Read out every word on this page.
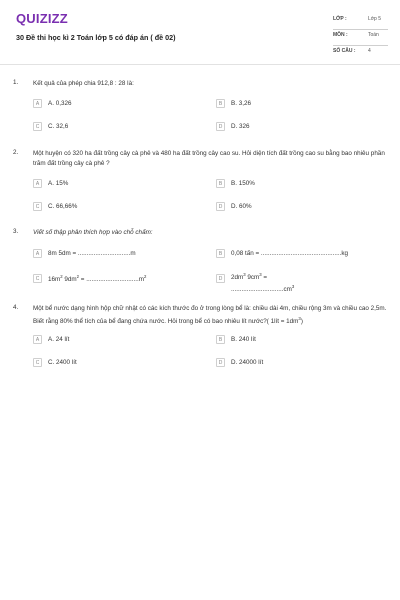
QUIZIZZ
30 Đề thi học kì 2 Toán lớp 5 có đáp án ( đề 02)
LỚP :	Lớp 5
MÔN :	Toán
SỐ CÂU :	4
1. Kết quả của phép chia 912,8 : 28 là:
A	A. 0,326	B	B. 3,26
C	C. 32,6	D	D. 326
2. Một huyện có 320 ha đất trồng cây cà phê và 480 ha đất trồng cây cao su. Hỏi diện tích đất trồng cao su bằng bao nhiêu phần trăm đất trồng cây cà phê ?
A	A. 15%	B	B. 150%
C	C. 66,66%	D	D. 60%
3. Viết số thập phân thích hợp vào chỗ chấm:
A	8m 5dm = ..............................m	B	0,08 tấn = ..............................................kg
C	$16m^2$ $9dm^2 = ..............................m^2$	D	$2dm^3$ $9cm^3$ =
$..............................cm^3$
4. Một bể nước dạng hình hộp chữ nhật có các kích thước đo ở trong lòng bể là: chiều dài 4m, chiều rộng 3m và chiều cao 2,5m. Biết rằng 80% thể tích của bể đang chứa nước. Hỏi trong bể có bao nhiêu lít nước?( 1lít = $1dm^3$)
A	A. 24 lít	B	B. 240 lít
C	C. 2400 lít	D	D. 24000 lít
